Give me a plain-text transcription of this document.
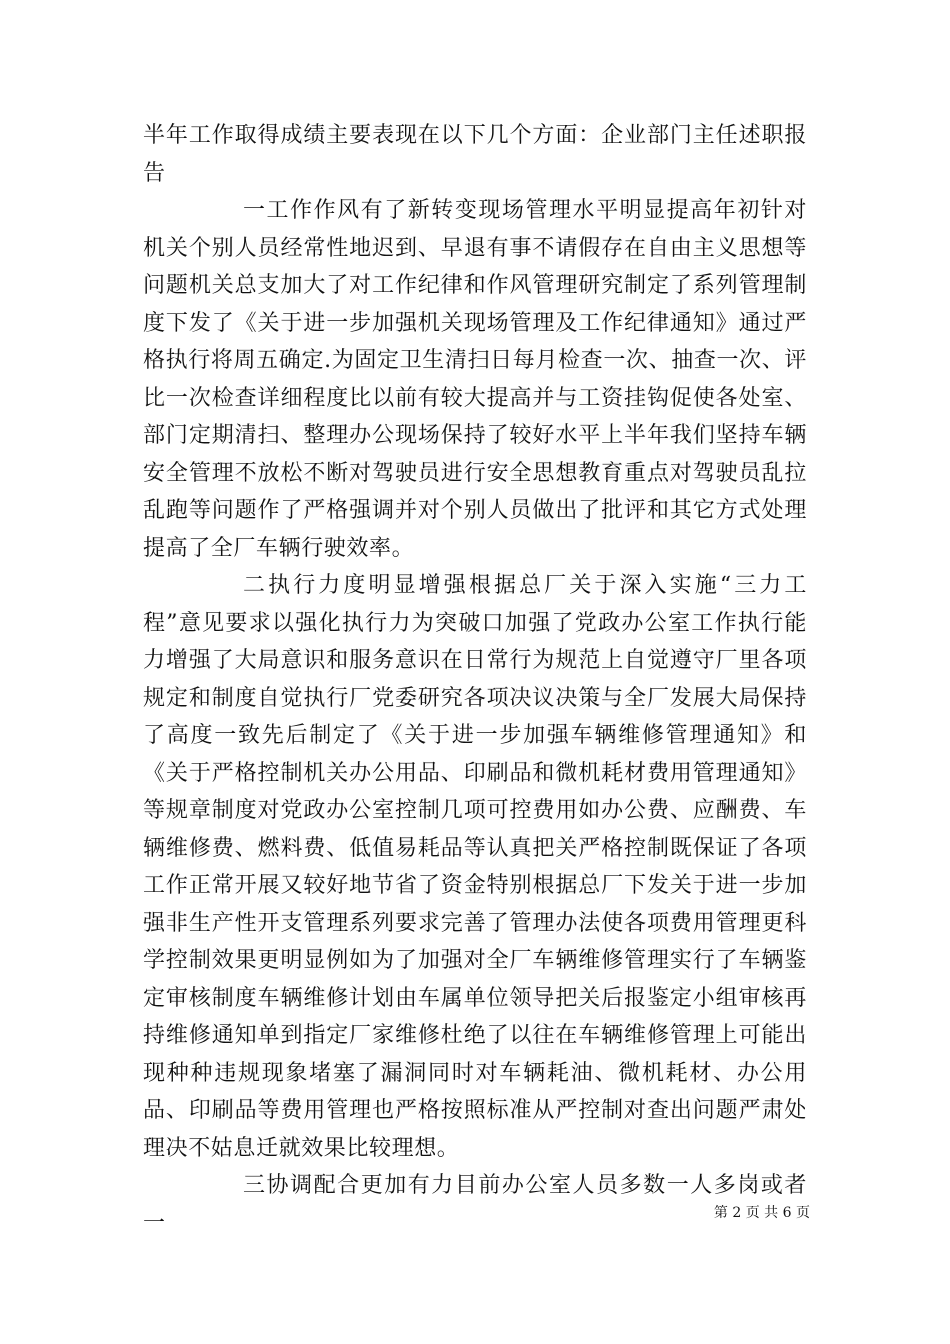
半年工作取得成绩主要表现在以下几个方面：企业部门主任述职报告

一工作作风有了新转变现场管理水平明显提高年初针对机关个别人员经常性地迟到、早退有事不请假存在自由主义思想等问题机关总支加大了对工作纪律和作风管理研究制定了系列管理制度下发了《关于进一步加强机关现场管理及工作纪律通知》通过严格执行将周五确定.为固定卫生清扫日每月检查一次、抽查一次、评比一次检查详细程度比以前有较大提高并与工资挂钩促使各处室、部门定期清扫、整理办公现场保持了较好水平上半年我们坚持车辆安全管理不放松不断对驾驶员进行安全思想教育重点对驾驶员乱拉乱跑等问题作了严格强调并对个别人员做出了批评和其它方式处理提高了全厂车辆行驶效率。

二执行力度明显增强根据总厂关于深入实施“三力工程”意见要求以强化执行力为突破口加强了党政办公室工作执行能力增强了大局意识和服务意识在日常行为规范上自觉遵守厂里各项规定和制度自觉执行厂党委研究各项决议决策与全厂发展大局保持了高度一致先后制定了《关于进一步加强车辆维修管理通知》和《关于严格控制机关办公用品、印刷品和微机耗材费用管理通知》等规章制度对党政办公室控制几项可控费用如办公费、应酬费、车辆维修费、燃料费、低值易耗品等认真把关严格控制既保证了各项工作正常开展又较好地节省了资金特别根据总厂下发关于进一步加强非生产性开支管理系列要求完善了管理办法使各项费用管理更科学控制效果更明显例如为了加强对全厂车辆维修管理实行了车辆鉴定审核制度车辆维修计划由车属单位领导把关后报鉴定小组审核再持维修通知单到指定厂家维修杜绝了以往在车辆维修管理上可能出现种种违规现象堵塞了漏洞同时对车辆耗油、微机耗材、办公用品、印刷品等费用管理也严格按照标准从严控制对查出问题严肃处理决不姑息迁就效果比较理想。

三协调配合更加有力目前办公室人员多数一人多岗或者一	第 2 页 共 6 页
